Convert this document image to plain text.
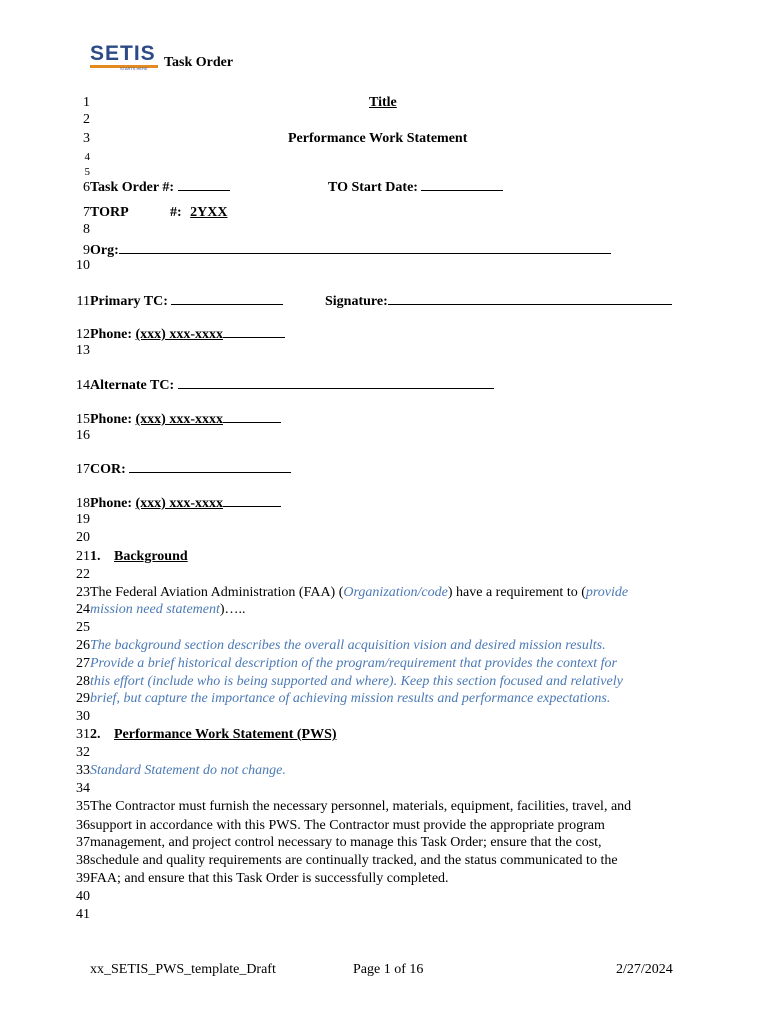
SETIS
STARTS HERE Task Order
1	Title
2
3	Performance Work Statement
4
5
6Task Order #:	TO Start Date:
7TORP	#: 2YXX
8
9Org:
10
11Primary TC:	Signature:
12Phone: (xxx) xxx-xxxx
13
14Alternate TC:
15Phone: (xxx) xxx-xxxx
16
17COR:
18Phone: (xxx) xxx-xxxx
19
20
211. Background
22
23The Federal Aviation Administration (FAA) (Organization/code) have a requirement to (provide
24mission need statement)…..
25
26The background section describes the overall acquisition vision and desired mission results.
27Provide a brief historical description of the program/requirement that provides the context for
28this effort (include who is being supported and where). Keep this section focused and relatively
29brief, but capture the importance of achieving mission results and performance expectations.
30
312. Performance Work Statement (PWS)
32
33Standard Statement do not change.
34
35The Contractor must furnish the necessary personnel, materials, equipment, facilities, travel, and
36support in accordance with this PWS. The Contractor must provide the appropriate program
37management, and project control necessary to manage this Task Order; ensure that the cost,
38schedule and quality requirements are continually tracked, and the status communicated to the
39FAA; and ensure that this Task Order is successfully completed.
40
41
xx_SETIS_PWS_template_Draft	Page 1 of 16	2/27/2024
